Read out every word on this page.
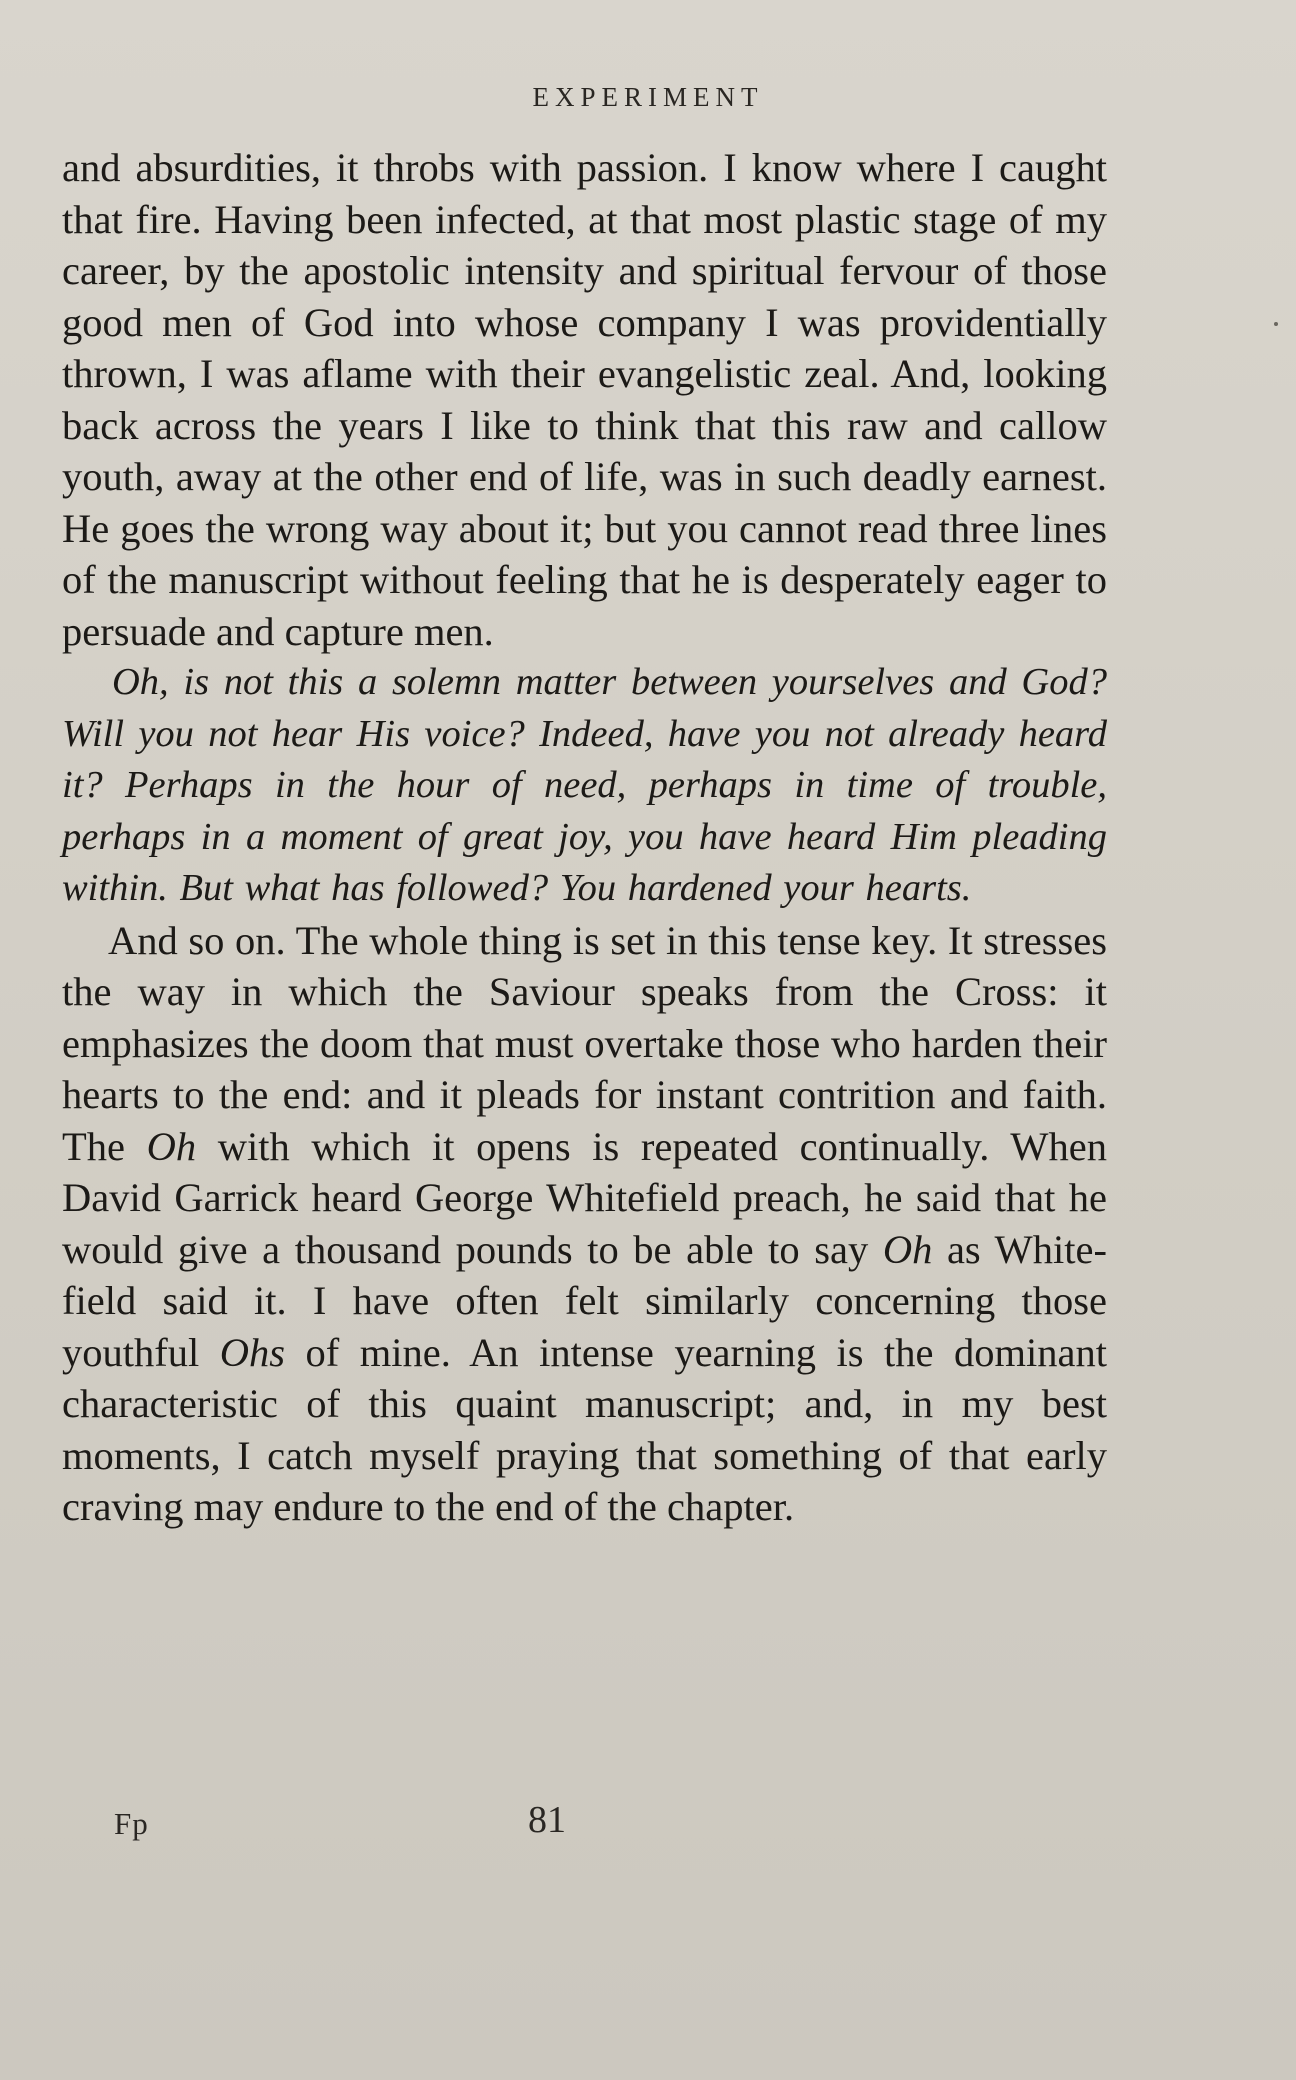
EXPERIMENT

and absurdities, it throbs with passion. I know where I caught that fire. Having been infected, at that most plastic stage of my career, by the apostolic intensity and spiritual fervour of those good men of God into whose company I was providentially thrown, I was aflame with their evangelistic zeal. And, looking back across the years I like to think that this raw and callow youth, away at the other end of life, was in such deadly earnest. He goes the wrong way about it; but you cannot read three lines of the manuscript without feeling that he is desperately eager to persuade and capture men.

Oh, is not this a solemn matter between yourselves and God? Will you not hear His voice? Indeed, have you not already heard it? Perhaps in the hour of need, perhaps in time of trouble, perhaps in a moment of great joy, you have heard Him pleading within. But what has followed? You hardened your hearts.

And so on. The whole thing is set in this tense key. It stresses the way in which the Saviour speaks from the Cross: it emphasizes the doom that must overtake those who harden their hearts to the end: and it pleads for instant contrition and faith. The Oh with which it opens is repeated continually. When David Garrick heard George Whitefield preach, he said that he would give a thousand pounds to be able to say Oh as White-field said it. I have often felt similarly concerning those youthful Ohs of mine. An intense yearning is the dominant characteristic of this quaint manuscript; and, in my best moments, I catch myself praying that something of that early craving may endure to the end of the chapter.

Fp	81
